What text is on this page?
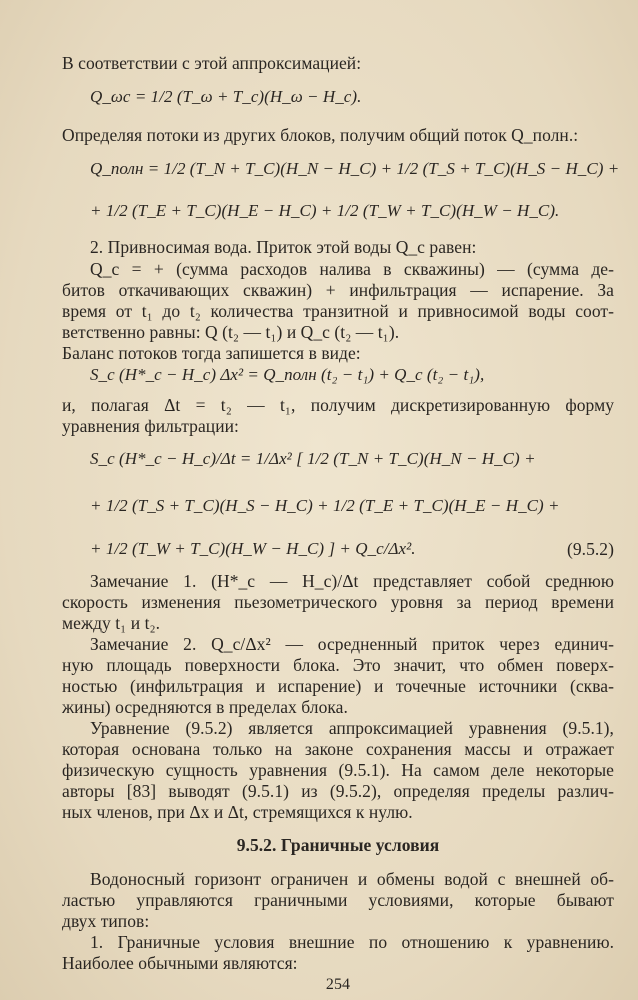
В соответствии с этой аппроксимацией:
Q_ωc = 1/2 (T_ω + T_c)(H_ω − H_c).
Определяя потоки из других блоков, получим общий поток Q_полн.:
Q_полн = 1/2 (T_N + T_C)(H_N − H_C) + 1/2 (T_S + T_C)(H_S − H_C) +
+ 1/2 (T_E + T_C)(H_E − H_C) + 1/2 (T_W + T_C)(H_W − H_C).
2. Привносимая вода. Приток этой воды Q_c равен:
Q_c = + (сумма расходов налива в скважины) — (сумма де-
битов откачивающих скважин) + инфильтрация — испарение. За
время от t₁ до t₂ количества транзитной и привносимой воды соот-
ветственно равны: Q (t₂ — t₁) и Q_c (t₂ — t₁).
Баланс потоков тогда запишется в виде:
S_c (H*_c − H_c) Δx² = Q_полн (t₂ − t₁) + Q_c (t₂ − t₁),
и, полагая Δt = t₂ — t₁, получим дискретизированную форму
уравнения фильтрации:
S_c (H*_c − H_c)/Δt = 1/Δx² [ 1/2 (T_N + T_C)(H_N − H_C) +
+ 1/2 (T_S + T_C)(H_S − H_C) + 1/2 (T_E + T_C)(H_E − H_C) +
+ 1/2 (T_W + T_C)(H_W − H_C) ] + Q_c/Δx².	(9.5.2)
Замечание 1. (H*_c — H_c)/Δt представляет собой среднюю
скорость изменения пьезометрического уровня за период времени
между t₁ и t₂.
Замечание 2. Q_c/Δx² — осредненный приток через единич-
ную площадь поверхности блока. Это значит, что обмен поверх-
ностью (инфильтрация и испарение) и точечные источники (сква-
жины) осредняются в пределах блока.
Уравнение (9.5.2) является аппроксимацией уравнения (9.5.1),
которая основана только на законе сохранения массы и отражает
физическую сущность уравнения (9.5.1). На самом деле некоторые
авторы [83] выводят (9.5.1) из (9.5.2), определяя пределы различ-
ных членов, при Δx и Δt, стремящихся к нулю.
9.5.2. Граничные условия
Водоносный горизонт ограничен и обмены водой с внешней об-
ластью управляются граничными условиями, которые бывают
двух типов:
1. Граничные условия внешние по отношению к уравнению.
Наиболее обычными являются:
254
